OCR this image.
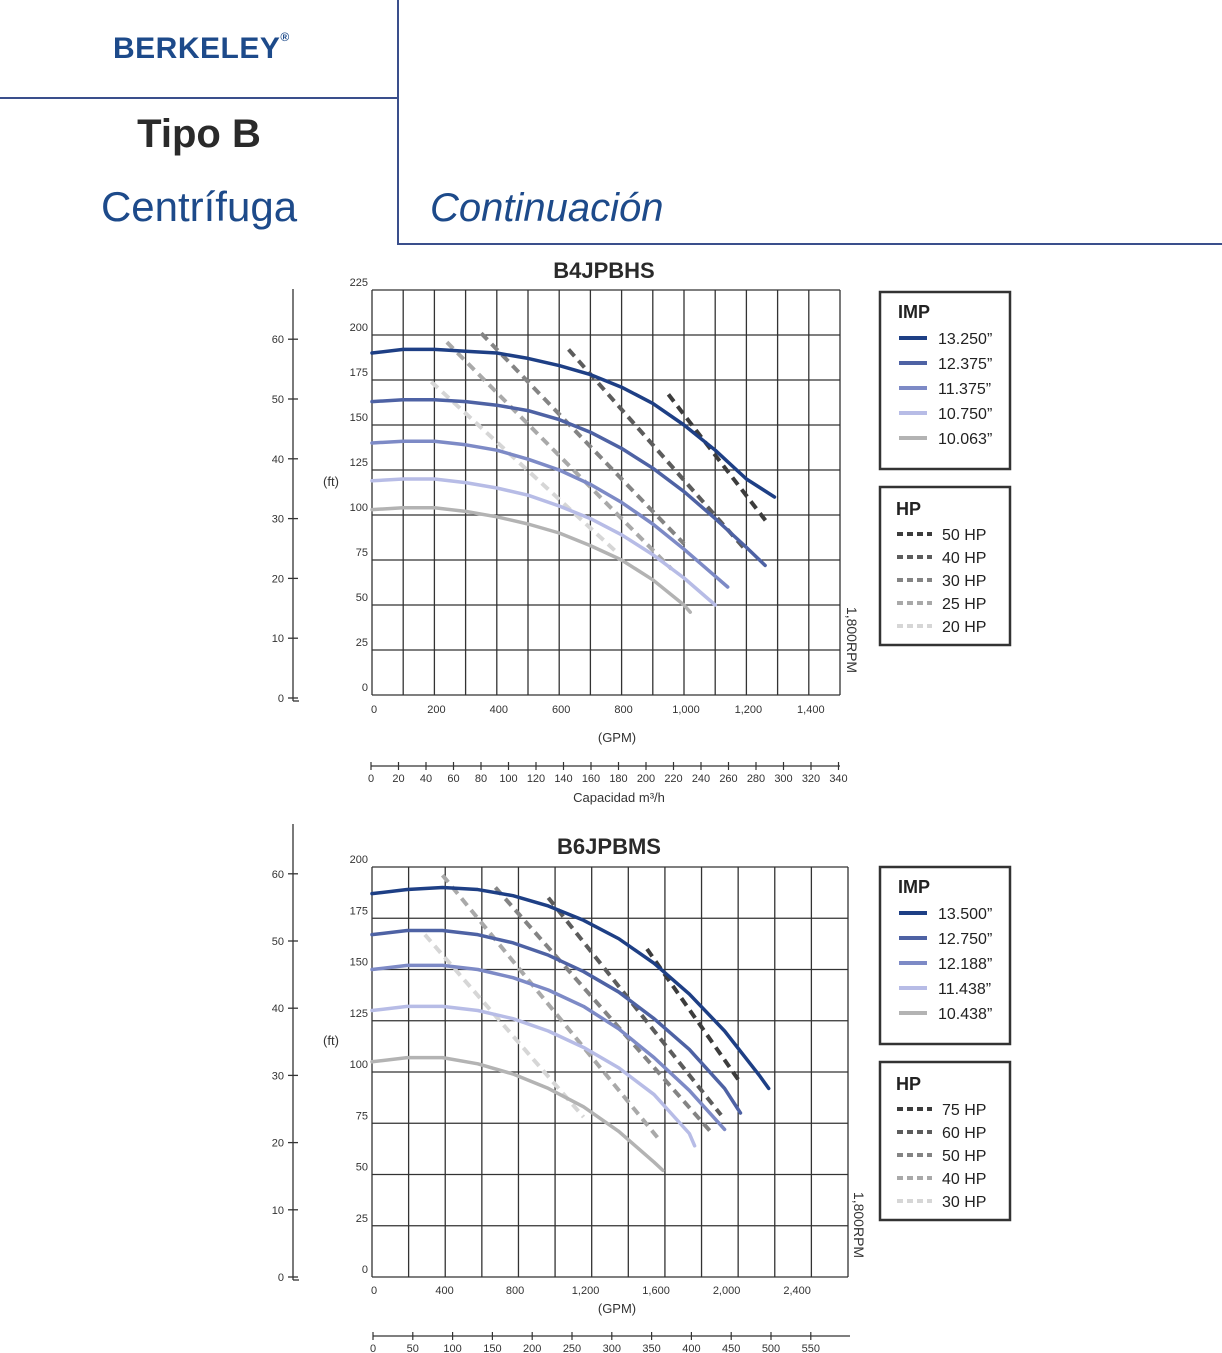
BERKELEY®
Tipo B
Centrífuga	Continuación
B4JPBHS
0
25
50
75
100
125
150
175
200
225
0	200	400	600	800	1,000	1,200	1,400
(GPM)
(ft)
0
10
20
30
40
50
60
0 20 40 60 80 100 120 140 160 180 200 220 240 260 280 300 320 340
Capacidad m³/h
1,800RPM
IMP
13.250”
12.375”
11.375”
10.750”
10.063”
HP
50 HP
40 HP
30 HP
25 HP
20 HP
B6JPBMS
0
25
50
75
100
125
150
175
200
0	400	800	1,200	1,600	2,000	2,400
(GPM)
(ft)
0
10
20
30
40
50
60
0	50 100 150 200 250 300 350 400 450 500 550
1,800RPM
IMP
13.500”
12.750”
12.188”
11.438”
10.438”
HP
75 HP
60 HP
50 HP
40 HP
30 HP
